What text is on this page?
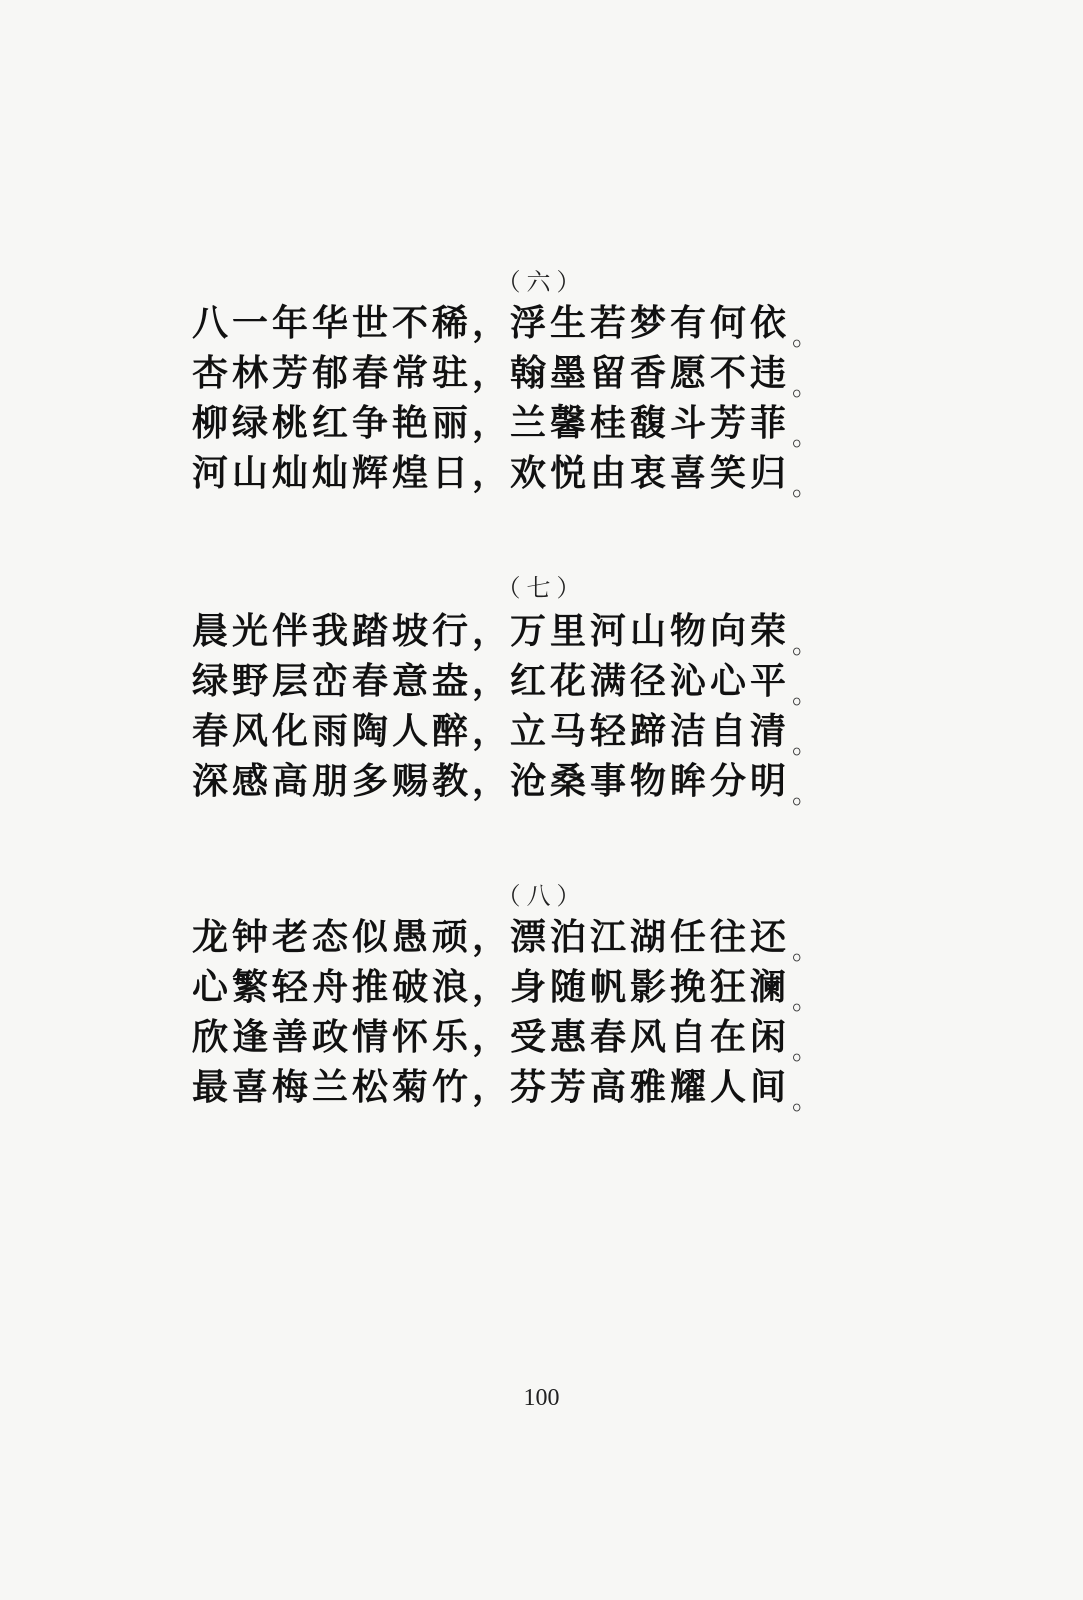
（六）
八一年华世不稀，浮生若梦有何依。
杏林芳郁春常驻，翰墨留香愿不违。
柳绿桃红争艳丽，兰馨桂馥斗芳菲。
河山灿灿辉煌日，欢悦由衷喜笑归。
（七）
晨光伴我踏坡行，万里河山物向荣。
绿野层峦春意盎，红花满径沁心平。
春风化雨陶人醉，立马轻蹄洁自清。
深感高朋多赐教，沧桑事物眸分明。
（八）
龙钟老态似愚顽，漂泊江湖任往还。
心繁轻舟推破浪，身随帆影挽狂澜。
欣逢善政情怀乐，受惠春风自在闲。
最喜梅兰松菊竹，芬芳高雅耀人间。
100
